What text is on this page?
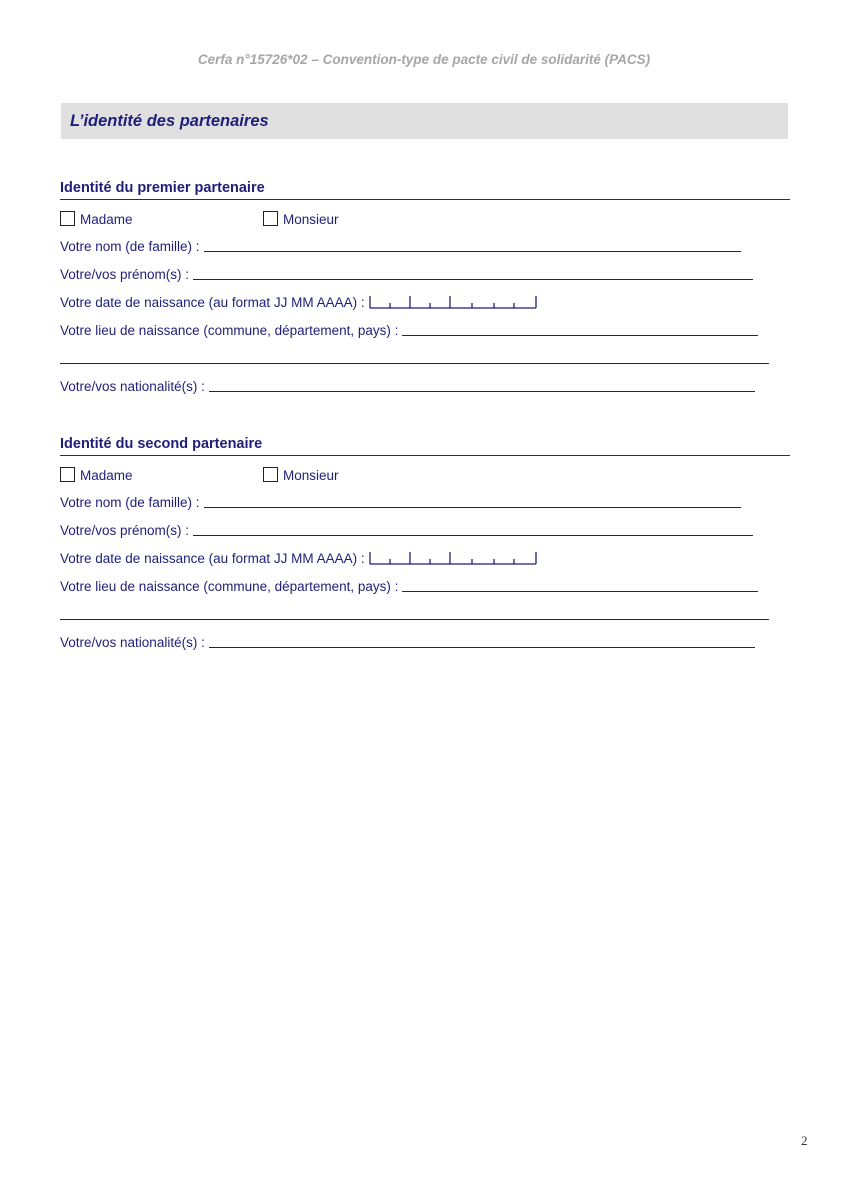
Cerfa n°15726*02 – Convention-type de pacte civil de solidarité (PACS)
L’identité des partenaires
Identité du premier partenaire
Madame	Monsieur
Votre nom (de famille) :
Votre/vos prénom(s) :
Votre date de naissance (au format JJ MM AAAA) :
Votre lieu de naissance (commune, département, pays) :
Votre/vos nationalité(s) :
Identité du second partenaire
Madame	Monsieur
Votre nom (de famille) :
Votre/vos prénom(s) :
Votre date de naissance (au format JJ MM AAAA) :
Votre lieu de naissance (commune, département, pays) :
Votre/vos nationalité(s) :
2
